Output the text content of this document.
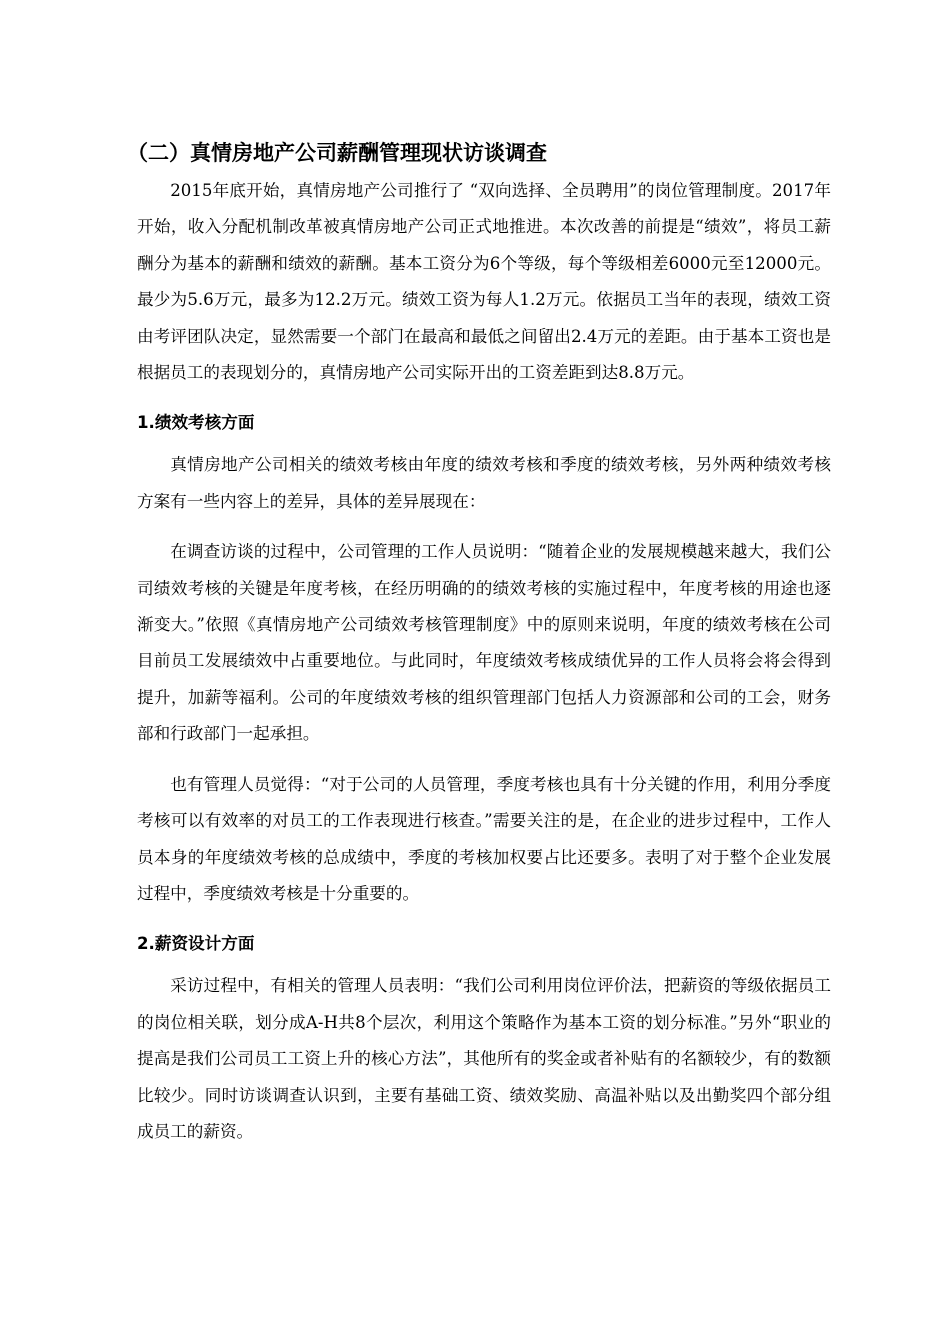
（二）真情房地产公司薪酬管理现状访谈调查

2015年底开始，真情房地产公司推行了 “双向选择、全员聘用”的岗位管理制度。2017年开始，收入分配机制改革被真情房地产公司正式地推进。本次改善的前提是“绩效”，将员工薪酬分为基本的薪酬和绩效的薪酬。基本工资分为6个等级，每个等级相差6000元至12000元。最少为5.6万元，最多为12.2万元。绩效工资为每人1.2万元。依据员工当年的表现，绩效工资由考评团队决定，显然需要一个部门在最高和最低之间留出2.4万元的差距。由于基本工资也是根据员工的表现划分的，真情房地产公司实际开出的工资差距到达8.8万元。

1.绩效考核方面

真情房地产公司相关的绩效考核由年度的绩效考核和季度的绩效考核，另外两种绩效考核方案有一些内容上的差异，具体的差异展现在：

在调查访谈的过程中，公司管理的工作人员说明：“随着企业的发展规模越来越大，我们公司绩效考核的关键是年度考核，在经历明确的的绩效考核的实施过程中，年度考核的用途也逐渐变大。”依照《真情房地产公司绩效考核管理制度》中的原则来说明，年度的绩效考核在公司目前员工发展绩效中占重要地位。与此同时，年度绩效考核成绩优异的工作人员将会将会得到提升，加薪等福利。公司的年度绩效考核的组织管理部门包括人力资源部和公司的工会，财务部和行政部门一起承担。

也有管理人员觉得：“对于公司的人员管理，季度考核也具有十分关键的作用，利用分季度考核可以有效率的对员工的工作表现进行核查。”需要关注的是，在企业的进步过程中，工作人员本身的年度绩效考核的总成绩中，季度的考核加权要占比还要多。表明了对于整个企业发展过程中，季度绩效考核是十分重要的。

2.薪资设计方面

采访过程中，有相关的管理人员表明：“我们公司利用岗位评价法，把薪资的等级依据员工的岗位相关联，划分成A-H共8个层次，利用这个策略作为基本工资的划分标准。”另外“职业的提高是我们公司员工工资上升的核心方法”，其他所有的奖金或者补贴有的名额较少，有的数额比较少。同时访谈调查认识到，主要有基础工资、绩效奖励、高温补贴以及出勤奖四个部分组成员工的薪资。
